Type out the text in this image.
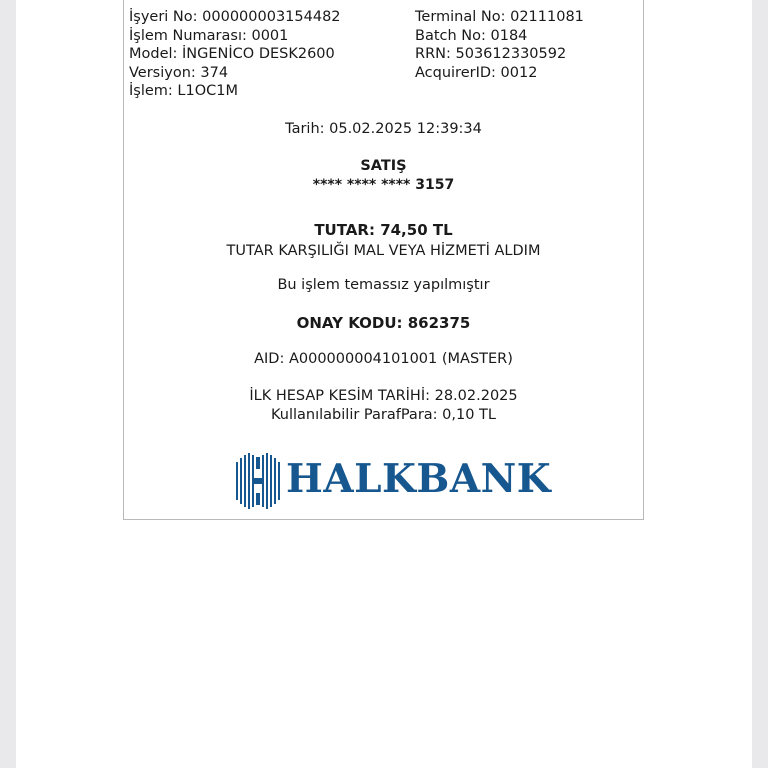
İşyeri No: 000000003154482
İşlem Numarası: 0001
Model: İNGENİCO DESK2600
Versiyon: 374
İşlem: L1OC1M
Terminal No: 02111081
Batch No: 0184
RRN: 503612330592
AcquirerID: 0012
Tarih: 05.02.2025 12:39:34
SATIŞ
**** **** **** 3157
TUTAR: 74,50 TL
TUTAR KARŞILIĞI MAL VEYA HİZMETİ ALDIM
Bu işlem temassız yapılmıştır
ONAY KODU: 862375
AID: A000000004101001 (MASTER)
İLK HESAP KESİM TARİHİ: 28.02.2025
Kullanılabilir ParafPara: 0,10 TL
HALKBANK
